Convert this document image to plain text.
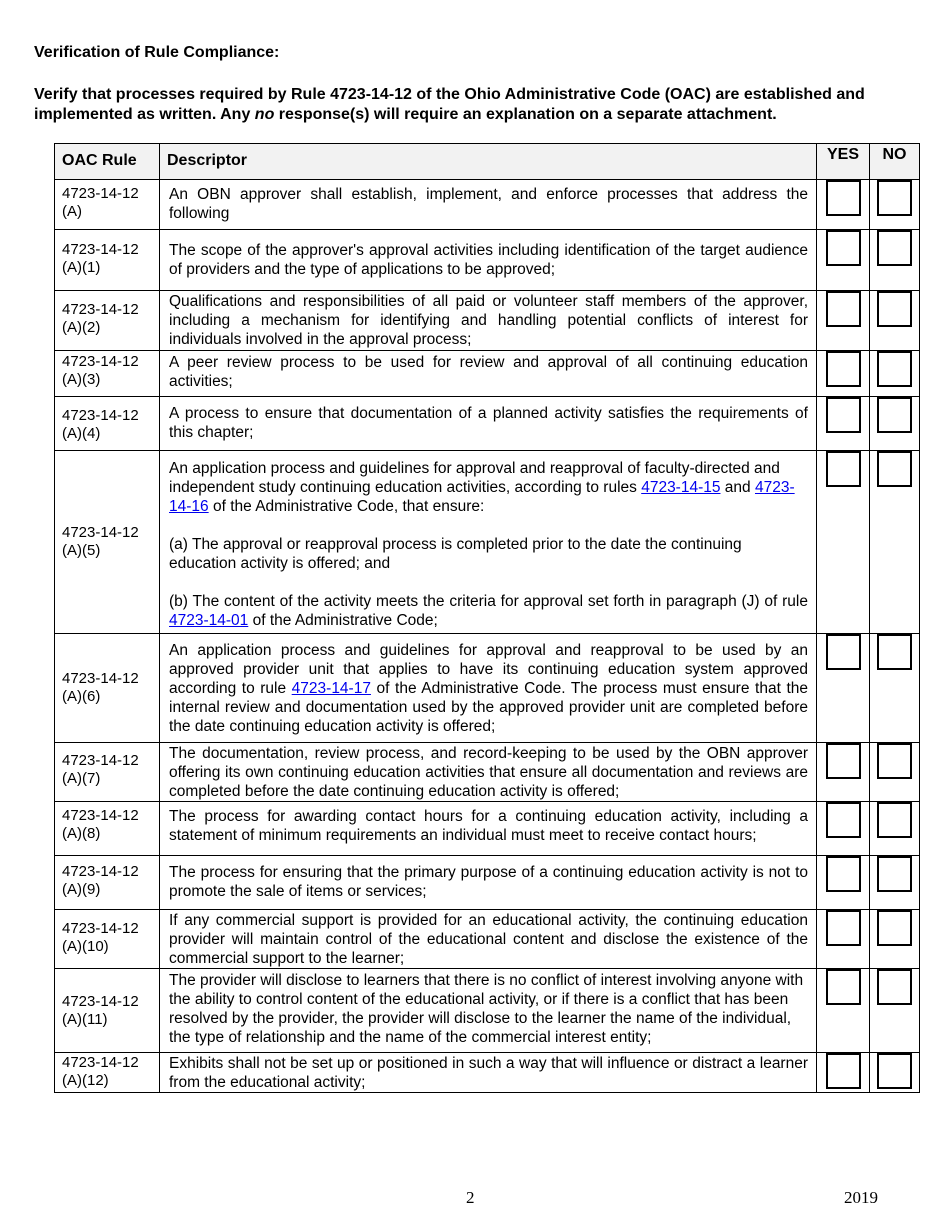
Verification of Rule Compliance:
Verify that processes required by Rule 4723-14-12 of the Ohio Administrative Code (OAC) are established and implemented as written. Any no response(s) will require an explanation on a separate attachment.
OAC Rule	Descriptor	YES	NO
4723-14-12 (A)	An OBN approver shall establish, implement, and enforce processes that address the following		
4723-14-12 (A)(1)	The scope of the approver's approval activities including identification of the target audience of providers and the type of applications to be approved;		
4723-14-12 (A)(2)	Qualifications and responsibilities of all paid or volunteer staff members of the approver, including a mechanism for identifying and handling potential conflicts of interest for individuals involved in the approval process;		
4723-14-12 (A)(3)	A peer review process to be used for review and approval of all continuing education activities;		
4723-14-12 (A)(4)	A process to ensure that documentation of a planned activity satisfies the requirements of this chapter;		
4723-14-12 (A)(5)	An application process and guidelines for approval and reapproval of faculty-directed and independent study continuing education activities, according to rules 4723-14-15 and 4723-14-16 of the Administrative Code, that ensure:

(a) The approval or reapproval process is completed prior to the date the continuing education activity is offered; and

(b) The content of the activity meets the criteria for approval set forth in paragraph (J) of rule 4723-14-01 of the Administrative Code;		

4723-14-12 (A)(6)	An application process and guidelines for approval and reapproval to be used by an approved provider unit that applies to have its continuing education system approved according to rule 4723-14-17 of the Administrative Code. The process must ensure that the internal review and documentation used by the approved provider unit are completed before the date continuing education activity is offered;		
4723-14-12 (A)(7)	The documentation, review process, and record-keeping to be used by the OBN approver offering its own continuing education activities that ensure all documentation and reviews are completed before the date continuing education activity is offered;		
4723-14-12 (A)(8)	The process for awarding contact hours for a continuing education activity, including a statement of minimum requirements an individual must meet to receive contact hours;		
4723-14-12 (A)(9)	The process for ensuring that the primary purpose of a continuing education activity is not to promote the sale of items or services;		
4723-14-12 (A)(10)	If any commercial support is provided for an educational activity, the continuing education provider will maintain control of the educational content and disclose the existence of the commercial support to the learner;		
4723-14-12 (A)(11)	The provider will disclose to learners that there is no conflict of interest involving anyone with the ability to control content of the educational activity, or if there is a conflict that has been resolved by the provider, the provider will disclose to the learner the name of the individual, the type of relationship and the name of the commercial interest entity;		
4723-14-12 (A)(12)	Exhibits shall not be set up or positioned in such a way that will influence or distract a learner from the educational activity;		
2	2019
